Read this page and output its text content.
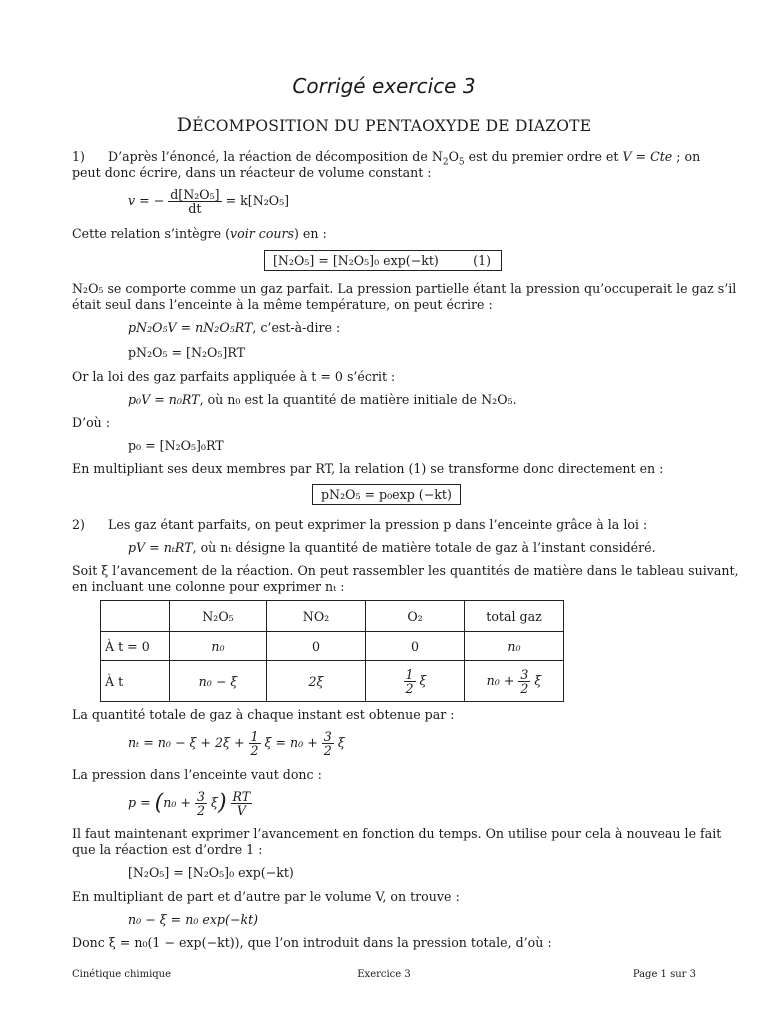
Corrigé exercice 3
DÉCOMPOSITION DU PENTAOXYDE DE DIAZOTE
1) D’après l’énoncé, la réaction de décomposition de $N_2O_5$ est du premier ordre et V = Cte ; on
peut donc écrire, dans un réacteur de volume constant :
v = − $\frac{\text{d[N₂O₅]}}{dt} = k[N_2O_5]$
Cette relation s’intègre (voir cours) en :
[N₂O₅] = [N₂O₅]₀ exp(−kt)	(1)
N₂O₅ se comporte comme un gaz parfait. La pression partielle étant la pression qu’occuperait le gaz s’il
était seul dans l’enceinte à la même température, on peut écrire :
pN₂O₅V = nN₂O₅RT, c’est-à-dire :
pN₂O₅ = [N₂O₅]RT
Or la loi des gaz parfaits appliquée à t = 0 s’écrit :
p₀V = n₀RT, où n₀ est la quantité de matière initiale de N₂O₅.
D’où :
p₀ = [N₂O₅]₀RT
En multipliant ses deux membres par RT, la relation (1) se transforme donc directement en :
pN₂O₅ = p₀exp (−kt)
2) Les gaz étant parfaits, on peut exprimer la pression p dans l’enceinte grâce à la loi :
pV = nₜRT, où nₜ désigne la quantité de matière totale de gaz à l’instant considéré.
Soit ξ l’avancement de la réaction. On peut rassembler les quantités de matière dans le tableau suivant,
en incluant une colonne pour exprimer nₜ :
	N₂O₅	NO₂	O₂	total gaz
À t = 0	n₀	0	0	n₀
À t	n₀ − ξ	2ξ	$\frac{1}{2}$ ξ	$n_0 + \frac{3}{2}$ ξ
La quantité totale de gaz à chaque instant est obtenue par :
$n_t = n_0 - \xi + 2\xi + \frac{1}{2}$ $\xi = n_0 + \frac{3}{2}$ ξ
La pression dans l’enceinte vaut donc :
$p = (n_0 + \frac{3}{2} \xi) \frac{RT}{V}$
Il faut maintenant exprimer l’avancement en fonction du temps. On utilise pour cela à nouveau le fait
que la réaction est d’ordre 1 :
[N₂O₅] = [N₂O₅]₀ exp(−kt)
En multipliant de part et d’autre par le volume V, on trouve :
n₀ − ξ = n₀ exp(−kt)
Donc ξ = n₀(1 − exp(−kt)), que l’on introduit dans la pression totale, d’où :
Cinétique chimique	Exercice 3	Page 1 sur 3
